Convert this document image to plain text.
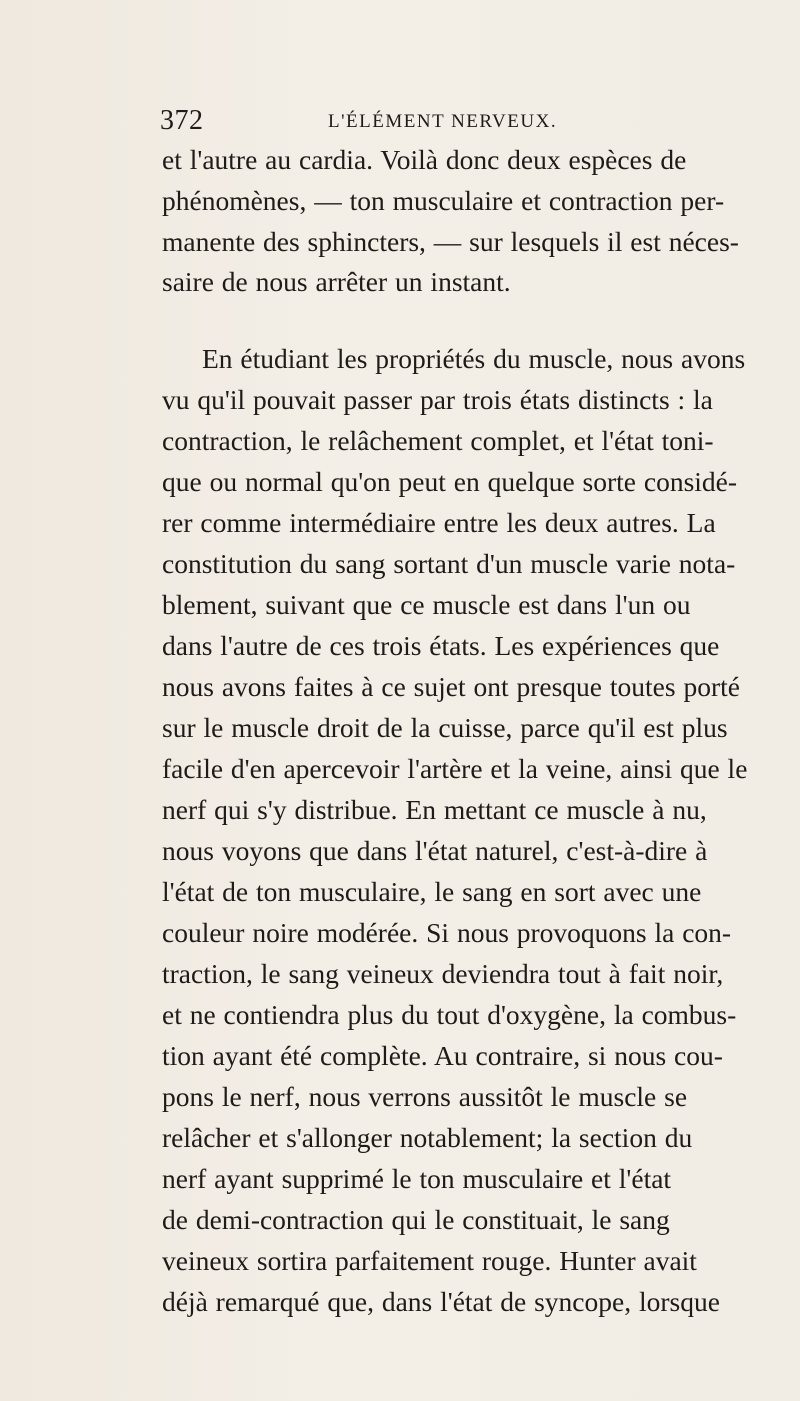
372	L'ÉLÉMENT NERVEUX.
et l'autre au cardia. Voilà donc deux espèces de
phénomènes, — ton musculaire et contraction per-
manente des sphincters, — sur lesquels il est néces-
saire de nous arrêter un instant.
En étudiant les propriétés du muscle, nous avons
vu qu'il pouvait passer par trois états distincts : la
contraction, le relâchement complet, et l'état toni-
que ou normal qu'on peut en quelque sorte considé-
rer comme intermédiaire entre les deux autres. La
constitution du sang sortant d'un muscle varie nota-
blement, suivant que ce muscle est dans l'un ou
dans l'autre de ces trois états. Les expériences que
nous avons faites à ce sujet ont presque toutes porté
sur le muscle droit de la cuisse, parce qu'il est plus
facile d'en apercevoir l'artère et la veine, ainsi que le
nerf qui s'y distribue. En mettant ce muscle à nu,
nous voyons que dans l'état naturel, c'est-à-dire à
l'état de ton musculaire, le sang en sort avec une
couleur noire modérée. Si nous provoquons la con-
traction, le sang veineux deviendra tout à fait noir,
et ne contiendra plus du tout d'oxygène, la combus-
tion ayant été complète. Au contraire, si nous cou-
pons le nerf, nous verrons aussitôt le muscle se
relâcher et s'allonger notablement; la section du
nerf ayant supprimé le ton musculaire et l'état
de demi-contraction qui le constituait, le sang
veineux sortira parfaitement rouge. Hunter avait
déjà remarqué que, dans l'état de syncope, lorsque
